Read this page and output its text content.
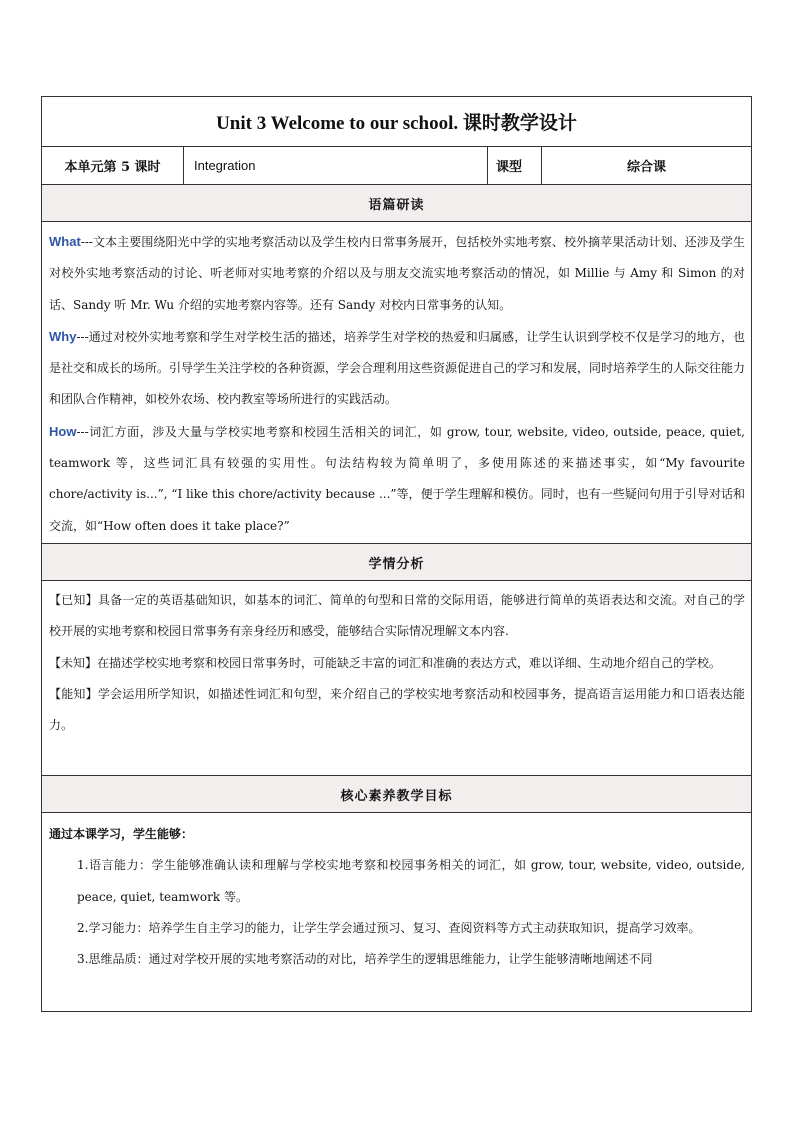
Unit 3 Welcome to our school. 课时教学设计
本单元第 5 课时	Integration	课型	综合课
语篇研读

What---文本主要围绕阳光中学的实地考察活动以及学生校内日常事务展开，包括校外实地考察、校外摘苹果活动计划、还涉及学生对校外实地考察活动的讨论、听老师对实地考察的介绍以及与朋友交流实地考察活动的情况，如 Millie 与 Amy 和 Simon 的对话、Sandy 听 Mr. Wu 介绍的实地考察内容等。还有 Sandy 对校内日常事务的认知。

Why---通过对校外实地考察和学生对学校生活的描述，培养学生对学校的热爱和归属感，让学生认识到学校不仅是学习的地方，也是社交和成长的场所。引导学生关注学校的各种资源，学会合理利用这些资源促进自己的学习和发展，同时培养学生的人际交往能力和团队合作精神，如校外农场、校内教室等场所进行的实践活动。

How---词汇方面，涉及大量与学校实地考察和校园生活相关的词汇，如 grow, tour, website, video, outside, peace, quiet, teamwork 等，这些词汇具有较强的实用性。句法结构较为简单明了，多使用陈述的来描述事实，如“My favourite chore/activity is...”, “I like this chore/activity because ...”等，便于学生理解和模仿。同时，也有一些疑问句用于引导对话和交流，如“How often does it take place?”

学情分析

【已知】具备一定的英语基础知识，如基本的词汇、简单的句型和日常的交际用语，能够进行简单的英语表达和交流。对自己的学校开展的实地考察和校园日常事务有亲身经历和感受，能够结合实际情况理解文本内容.

【未知】在描述学校实地考察和校园日常事务时，可能缺乏丰富的词汇和准确的表达方式，难以详细、生动地介绍自己的学校。

【能知】学会运用所学知识，如描述性词汇和句型，来介绍自己的学校实地考察活动和校园事务，提高语言运用能力和口语表达能力。

核心素养教学目标

通过本课学习，学生能够：

1.语言能力：学生能够准确认读和理解与学校实地考察和校园事务相关的词汇，如 grow, tour, website, video, outside, peace, quiet, teamwork 等。

2.学习能力：培养学生自主学习的能力，让学生学会通过预习、复习、查阅资料等方式主动获取知识，提高学习效率。

3.思维品质：通过对学校开展的实地考察活动的对比，培养学生的逻辑思维能力，让学生能够清晰地阐述不同
